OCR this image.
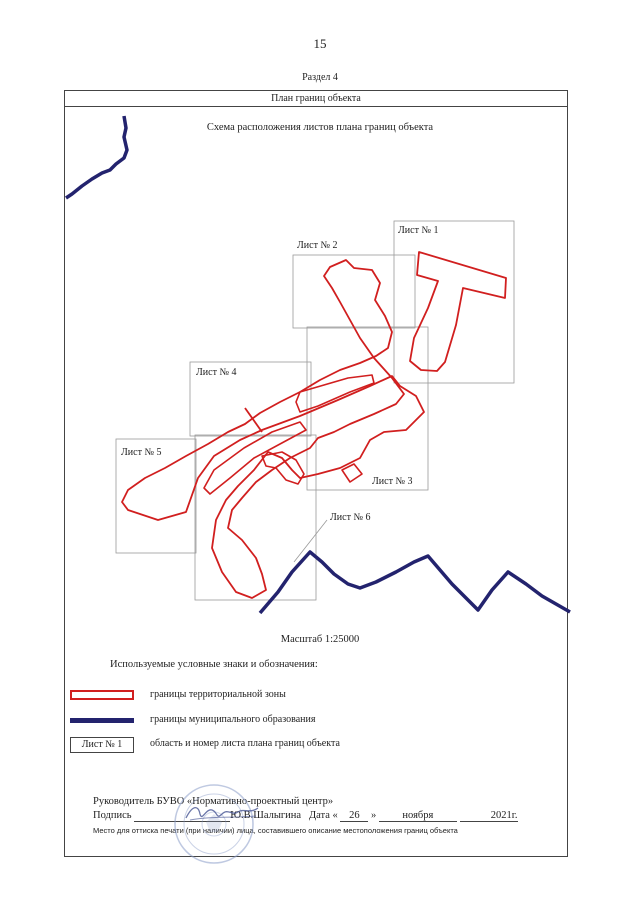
15
Раздел 4
План границ объекта
Схема расположения листов плана границ объекта
Лист № 1
Лист № 2
Лист № 3
Лист № 4
Лист № 5
Лист № 6
Масштаб 1:25000
Используемые условные знаки и обозначения:
границы территориальной зоны
границы муниципального образования
Лист № 1	область и номер листа плана границ объекта
Руководитель БУВО «Нормативно-проектный центр»
Подпись	Ю.В.Шалыгина Дата « 26 » ноября	2021г.
Место для оттиска печати (при наличии) лица, составившего описание местоположения границ объекта
